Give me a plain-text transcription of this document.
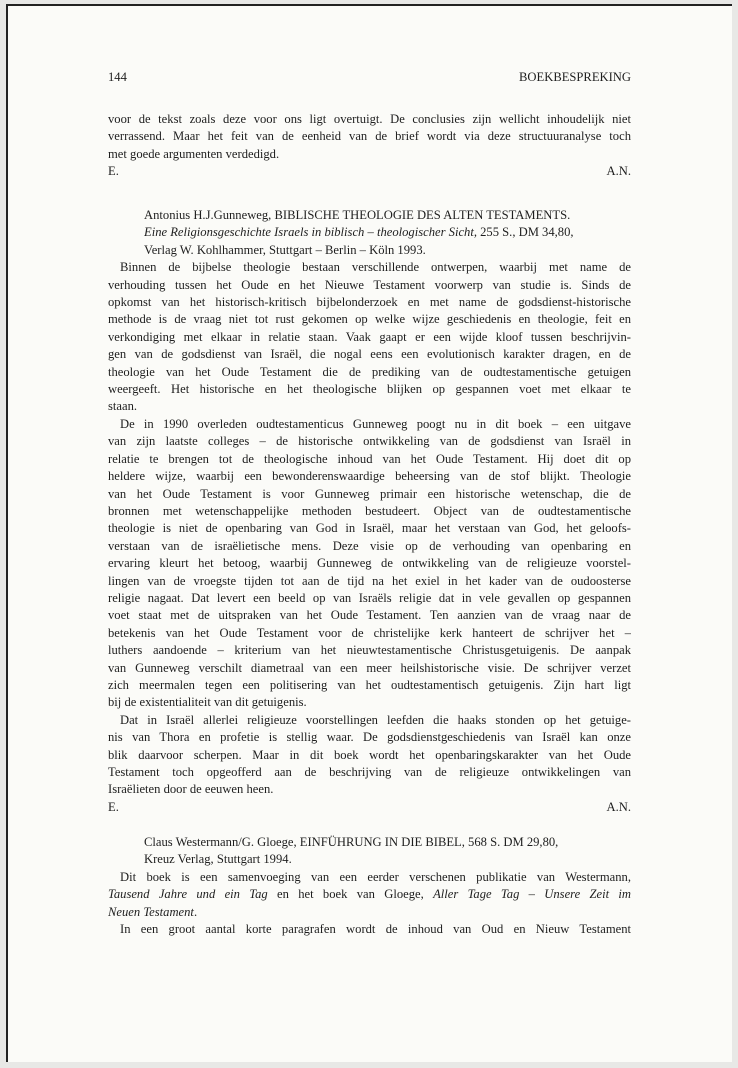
144	BOEKBESPREKING
voor de tekst zoals deze voor ons ligt overtuigt. De conclusies zijn wellicht inhoudelijk niet
verrassend. Maar het feit van de eenheid van de brief wordt via deze structuuranalyse toch
met goede argumenten verdedigd.
E.	A.N.
Antonius H.J.Gunneweg, BIBLISCHE THEOLOGIE DES ALTEN TESTAMENTS.
Eine Religionsgeschichte Israels in biblisch – theologischer Sicht, 255 S., DM 34,80,
Verlag W. Kohlhammer, Stuttgart – Berlin – Köln 1993.
Binnen de bijbelse theologie bestaan verschillende ontwerpen, waarbij met name de
verhouding tussen het Oude en het Nieuwe Testament voorwerp van studie is. Sinds de
opkomst van het historisch-kritisch bijbelonderzoek en met name de godsdienst-historische
methode is de vraag niet tot rust gekomen op welke wijze geschiedenis en theologie, feit en
verkondiging met elkaar in relatie staan. Vaak gaapt er een wijde kloof tussen beschrijvin-
gen van de godsdienst van Israël, die nogal eens een evolutionisch karakter dragen, en de
theologie van het Oude Testament die de prediking van de oudtestamentische getuigen
weergeeft. Het historische en het theologische blijken op gespannen voet met elkaar te
staan.
De in 1990 overleden oudtestamenticus Gunneweg poogt nu in dit boek – een uitgave
van zijn laatste colleges – de historische ontwikkeling van de godsdienst van Israël in
relatie te brengen tot de theologische inhoud van het Oude Testament. Hij doet dit op
heldere wijze, waarbij een bewonderenswaardige beheersing van de stof blijkt. Theologie
van het Oude Testament is voor Gunneweg primair een historische wetenschap, die de
bronnen met wetenschappelijke methoden bestudeert. Object van de oudtestamentische
theologie is niet de openbaring van God in Israël, maar het verstaan van God, het geloofs-
verstaan van de israëlietische mens. Deze visie op de verhouding van openbaring en
ervaring kleurt het betoog, waarbij Gunneweg de ontwikkeling van de religieuze voorstel-
lingen van de vroegste tijden tot aan de tijd na het exiel in het kader van de oudoosterse
religie nagaat. Dat levert een beeld op van Israëls religie dat in vele gevallen op gespannen
voet staat met de uitspraken van het Oude Testament. Ten aanzien van de vraag naar de
betekenis van het Oude Testament voor de christelijke kerk hanteert de schrijver het –
luthers aandoende – kriterium van het nieuwtestamentische Christusgetuigenis. De aanpak
van Gunneweg verschilt diametraal van een meer heilshistorische visie. De schrijver verzet
zich meermalen tegen een politisering van het oudtestamentisch getuigenis. Zijn hart ligt
bij de existentialiteit van dit getuigenis.
Dat in Israël allerlei religieuze voorstellingen leefden die haaks stonden op het getuige-
nis van Thora en profetie is stellig waar. De godsdienstgeschiedenis van Israël kan onze
blik daarvoor scherpen. Maar in dit boek wordt het openbaringskarakter van het Oude
Testament toch opgeofferd aan de beschrijving van de religieuze ontwikkelingen van
Israëlieten door de eeuwen heen.
E.	A.N.
Claus Westermann/G. Gloege, EINFÜHRUNG IN DIE BIBEL, 568 S. DM 29,80,
Kreuz Verlag, Stuttgart 1994.
Dit boek is een samenvoeging van een eerder verschenen publikatie van Westermann,
Tausend Jahre und ein Tag en het boek van Gloege, Aller Tage Tag – Unsere Zeit im
Neuen Testament.
In een groot aantal korte paragrafen wordt de inhoud van Oud en Nieuw Testament
